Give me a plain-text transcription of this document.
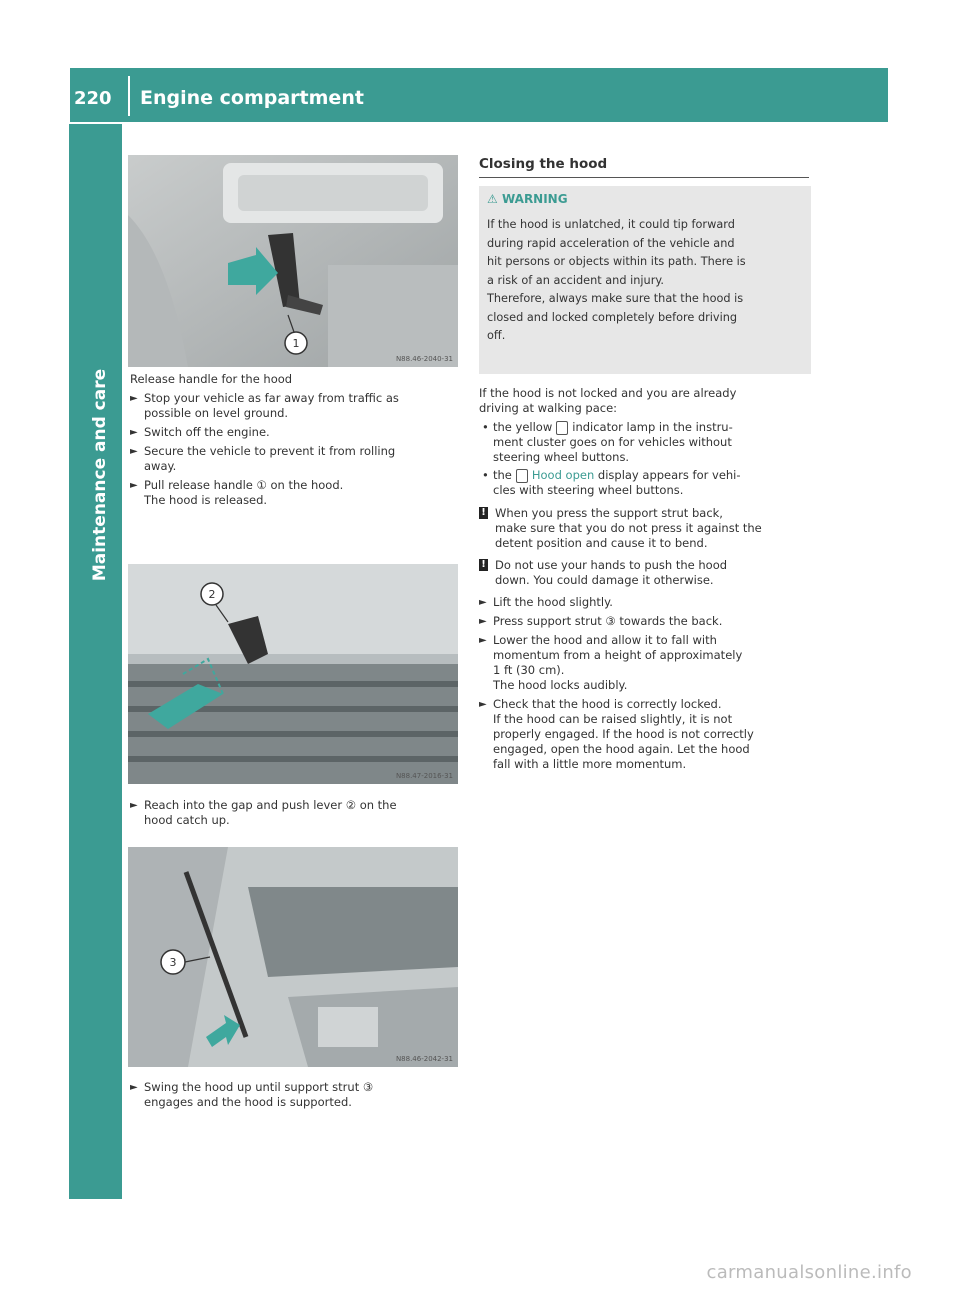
220 Engine compartment
Maintenance and care
1
N88.46-2040-31
Release handle for the hood
► Stop your vehicle as far away from traffic as
possible on level ground.
► Switch off the engine.
► Secure the vehicle to prevent it from rolling
away.
► Pull release handle ① on the hood.
The hood is released.
2
N88.47-2016-31
► Reach into the gap and push lever ② on the
hood catch up.
3
N88.46-2042-31
► Swing the hood up until support strut ③
engages and the hood is supported.
Closing the hood
⚠ WARNING
If the hood is unlatched, it could tip forward
during rapid acceleration of the vehicle and
hit persons or objects within its path. There is
a risk of an accident and injury.
Therefore, always make sure that the hood is
closed and locked completely before driving
off.
If the hood is not locked and you are already
driving at walking pace:
• the yellow indicator lamp in the instru-
ment cluster goes on for vehicles without
steering wheel buttons.
• the Hood open display appears for vehi-
cles with steering wheel buttons.
! When you press the support strut back,
make sure that you do not press it against the
detent position and cause it to bend.
! Do not use your hands to push the hood
down. You could damage it otherwise.
► Lift the hood slightly.
► Press support strut ③ towards the back.
► Lower the hood and allow it to fall with
momentum from a height of approximately
1 ft (30 cm).
The hood locks audibly.
► Check that the hood is correctly locked.
If the hood can be raised slightly, it is not
properly engaged. If the hood is not correctly
engaged, open the hood again. Let the hood
fall with a little more momentum.
carmanualsonline.info
